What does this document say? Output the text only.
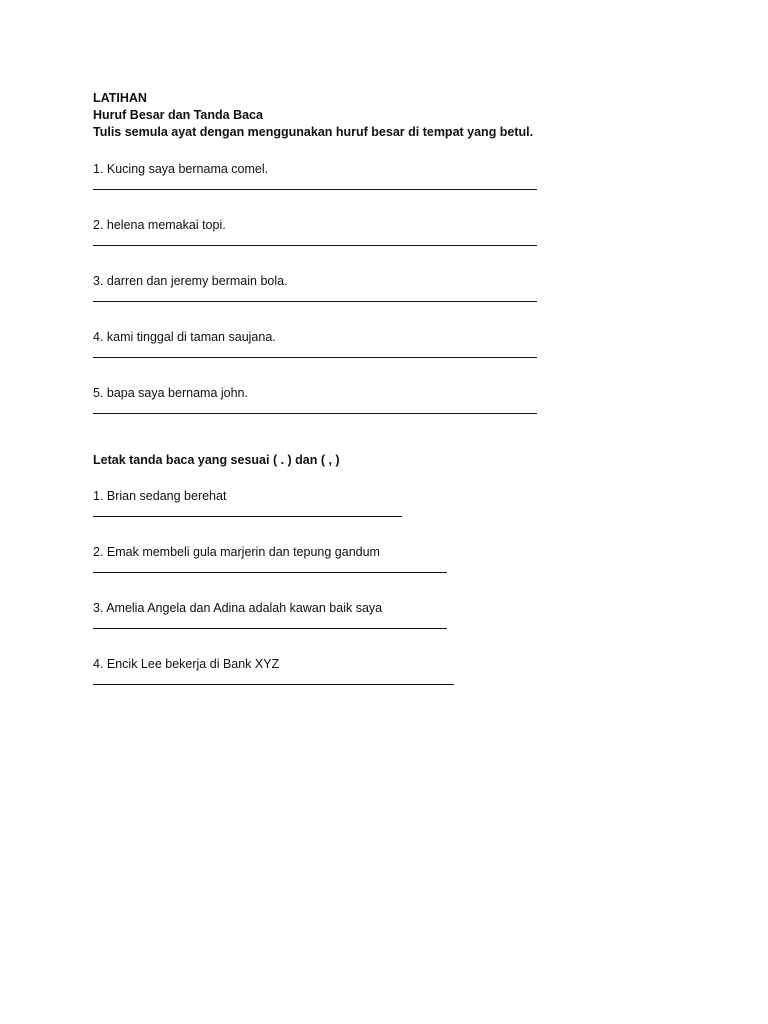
LATIHAN

Huruf Besar dan Tanda Baca

Tulis semula ayat dengan menggunakan huruf besar di tempat yang betul.

1. Kucing saya bernama comel.

2. helena memakai topi.

3. darren dan jeremy bermain bola.

4. kami tinggal di taman saujana.

5. bapa saya bernama john.

Letak tanda baca yang sesuai ( . ) dan ( , )

1. Brian sedang berehat

2. Emak membeli gula marjerin dan tepung gandum

3. Amelia Angela dan Adina adalah kawan baik saya

4. Encik Lee bekerja di Bank XYZ
